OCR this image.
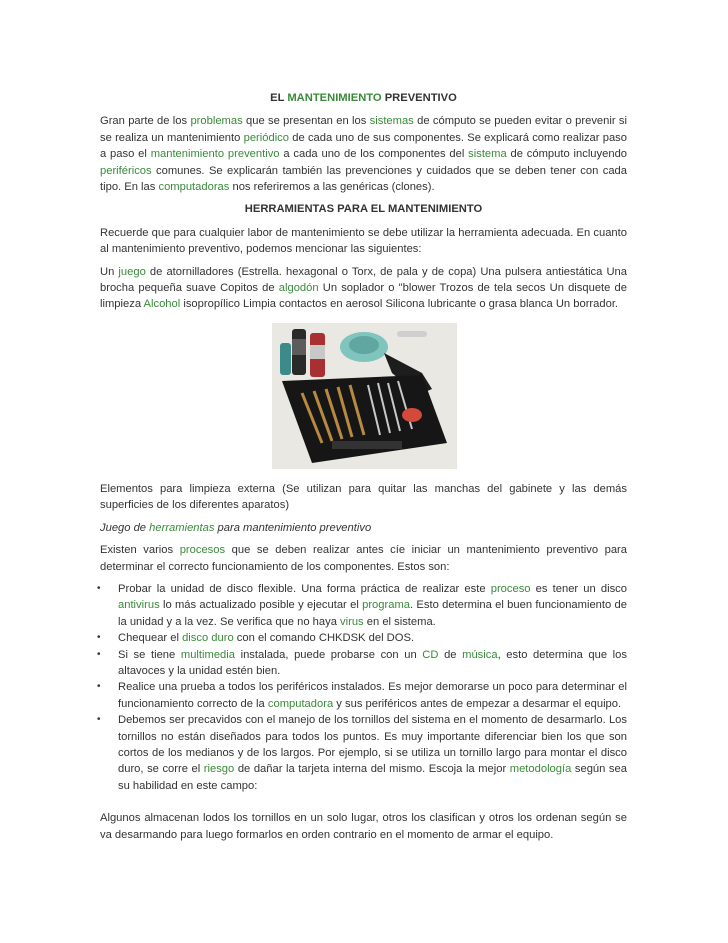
EL MANTENIMIENTO PREVENTIVO

Gran parte de los problemas que se presentan en los sistemas de cómputo se pueden evitar o prevenir si se realiza un mantenimiento periódico de cada uno de sus componentes. Se explicará como realizar paso a paso el mantenimiento preventivo a cada uno de los componentes del sistema de cómputo incluyendo periféricos comunes. Se explicarán también las prevenciones y cuidados que se deben tener con cada tipo. En las computadoras nos referiremos a las genéricas (clones).

HERRAMIENTAS PARA EL MANTENIMIENTO

Recuerde que para cualquier labor de mantenimiento se debe utilizar la herramienta adecuada. En cuanto al mantenimiento preventivo, podemos mencionar las siguientes:

Un juego de atornilladores (Estrella. hexagonal o Torx, de pala y de copa) Una pulsera antiestática Una brocha pequeña suave Copitos de algodón Un soplador o "blower Trozos de tela secos Un disquete de limpieza Alcohol isopropílico Limpia contactos en aerosol Silicona lubricante o grasa blanca Un borrador.

Elementos para limpieza externa (Se utilizan para quitar las manchas del gabinete y las demás superficies de los diferentes aparatos)

Juego de herramientas para mantenimiento preventivo

Existen varios procesos que se deben realizar antes cíe iniciar un mantenimiento preventivo para determinar el correcto funcionamiento de los componentes. Estos son:

• Probar la unidad de disco flexible. Una forma práctica de realizar este proceso es tener un disco antivirus lo más actualizado posible y ejecutar el programa. Esto determina el buen funcionamiento de la unidad y a la vez. Se verifica que no haya virus en el sistema.
• Chequear el disco duro con el comando CHKDSK del DOS.
• Si se tiene multimedia instalada, puede probarse con un CD de música, esto determina que los altavoces y la unidad estén bien.
• Realice una prueba a todos los periféricos instalados. Es mejor demorarse un poco para determinar el funcionamiento correcto de la computadora y sus periféricos antes de empezar a desarmar el equipo.
• Debemos ser precavidos con el manejo de los tornillos del sistema en el momento de desarmarlo. Los tornillos no están diseñados para todos los puntos. Es muy importante diferenciar bien los que son cortos de los medianos y de los largos. Por ejemplo, si se utiliza un tornillo largo para montar el disco duro, se corre el riesgo de dañar la tarjeta interna del mismo. Escoja la mejor metodología según sea su habilidad en este campo:

Algunos almacenan lodos los tornillos en un solo lugar, otros los clasifican y otros los ordenan según se va desarmando para luego formarlos en orden contrario en el momento de armar el equipo.
